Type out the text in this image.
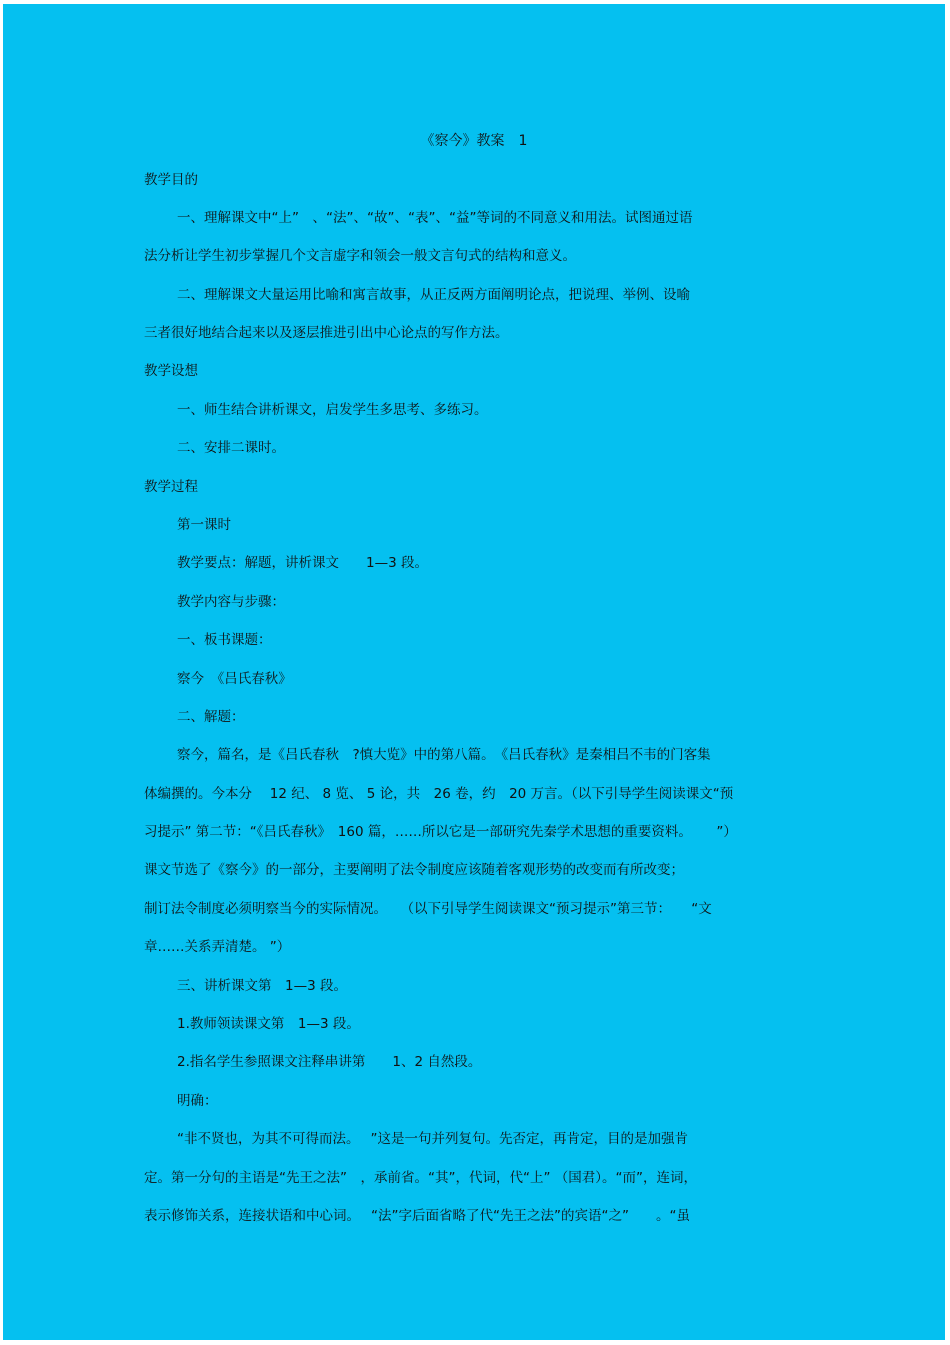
《察今》教案　1
教学目的
一、理解课文中“上”　、“法”、“故”、“表”、“益”等词的不同意义和用法。试图通过语
法分析让学生初步掌握几个文言虚字和领会一般文言句式的结构和意义。
二、理解课文大量运用比喻和寓言故事，从正反两方面阐明论点，把说理、举例、设喻
三者很好地结合起来以及逐层推进引出中心论点的写作方法。
教学设想
一、师生结合讲析课文，启发学生多思考、多练习。
二、安排二课时。
教学过程
第一课时
教学要点：解题，讲析课文　　1—3 段。
教学内容与步骤：
一、板书课题：
察今　《吕氏春秋》
二、解题：
察今，篇名，是《吕氏春秋　?慎大览》中的第八篇。　《吕氏春秋》是秦相吕不韦的门客集
体编撰的。今本分　 12 纪、 8 览、 5 论，共　26 卷，约　20 万言。（以下引导学生阅读课文“预
习提示” 第二节：“《吕氏春秋》　160 篇，……所以它是一部研究先秦学术思想的重要资料。　　 ”）
课文节选了《察今》的一部分，主要阐明了法令制度应该随着客观形势的改变而有所改变；
制订法令制度必须明察当今的实际情况。　　（以下引导学生阅读课文“预习提示”第三节：　　“文
章……关系弄清楚。 ”）
三、讲析课文第　1—3 段。
1.教师领读课文第　1—3 段。
2.指名学生参照课文注释串讲第　　1、2 自然段。
明确：
“非不贤也，为其不可得而法。　 ”这是一句并列复句。先否定，再肯定，目的是加强肯
定。第一分句的主语是“先王之法”　，承前省。“其”，代词，代“上” （国君）。“而”，连词，
表示修饰关系，连接状语和中心词。　 “法”字后面省略了代“先王之法”的宾语“之”　　。“虽
